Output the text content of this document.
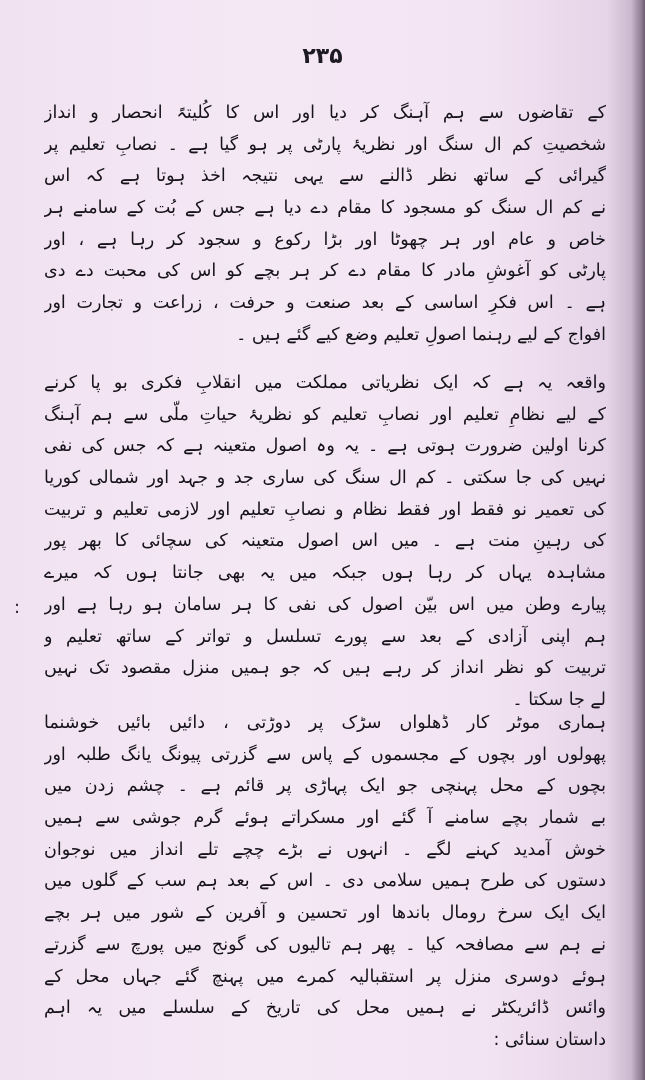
۲۳۵
:
کے تقاضوں سے ہم آہنگ کر دیا اور اس کا کُلیتہً انحصار و انداز
شخصیتِ کم ال سنگ اور نظریۂ پارٹی پر ہو گیا ہے ۔ نصابِ تعلیم پر
گیرائی کے ساتھ نظر ڈالنے سے یہی نتیجہ اخذ ہوتا ہے کہ اس
نے کم ال سنگ کو مسجود کا مقام دے دیا ہے جس کے بُت کے سامنے ہر
خاص و عام اور ہر چھوٹا اور بڑا رکوع و سجود کر رہا ہے ، اور
پارٹی کو آغوشِ مادر کا مقام دے کر ہر بچے کو اس کی محبت دے دی
ہے ۔ اس فکرِ اساسی کے بعد صنعت و حرفت ، زراعت و تجارت اور
افواج کے لیے رہنما اصولِ تعلیم وضع کیے گئے ہیں ۔
واقعہ یہ ہے کہ ایک نظریاتی مملکت میں انقلابِ فکری بو پا کرنے
کے لیے نظامِ تعلیم اور نصابِ تعلیم کو نظریۂ حیاتِ ملّی سے ہم آہنگ
کرنا اولین ضرورت ہوتی ہے ۔ یہ وہ اصول متعینہ ہے کہ جس کی نفی
نہیں کی جا سکتی ۔ کم ال سنگ کی ساری جد و جہد اور شمالی کوریا
کی تعمیر نو فقط اور فقط نظام و نصابِ تعلیم اور لازمی تعلیم و تربیت
کی رہینِ منت ہے ۔ میں اس اصول متعینہ کی سچائی کا بھر پور
مشاہدہ یہاں کر رہا ہوں جبکہ میں یہ بھی جانتا ہوں کہ میرے
پیارے وطن میں اس بیّن اصول کی نفی کا ہر سامان ہو رہا ہے اور
ہم اپنی آزادی کے بعد سے پورے تسلسل و تواتر کے ساتھ تعلیم و
تربیت کو نظر انداز کر رہے ہیں کہ جو ہمیں منزل مقصود تک نہیں
لے جا سکتا ۔
ہماری موٹر کار ڈھلواں سڑک پر دوڑتی ، دائیں بائیں خوشنما
پھولوں اور بچوں کے مجسموں کے پاس سے گزرتی پیونگ یانگ طلبہ اور
بچوں کے محل پہنچی جو ایک پہاڑی پر قائم ہے ۔ چشم زدن میں
بے شمار بچے سامنے آ گئے اور مسکراتے ہوئے گرم جوشی سے ہمیں
خوش آمدید کہنے لگے ۔ انہوں نے بڑے چچے تلے انداز میں نوجوان
دستوں کی طرح ہمیں سلامی دی ۔ اس کے بعد ہم سب کے گلوں میں
ایک ایک سرخ رومال باندھا اور تحسین و آفرین کے شور میں ہر بچے
نے ہم سے مصافحہ کیا ۔ پھر ہم تالیوں کی گونج میں پورچ سے گزرتے
ہوئے دوسری منزل پر استقبالیہ کمرے میں پہنچ گئے جہاں محل کے
وائس ڈائریکٹر نے ہمیں محل کی تاریخ کے سلسلے میں یہ اہم
داستان سنائی :
